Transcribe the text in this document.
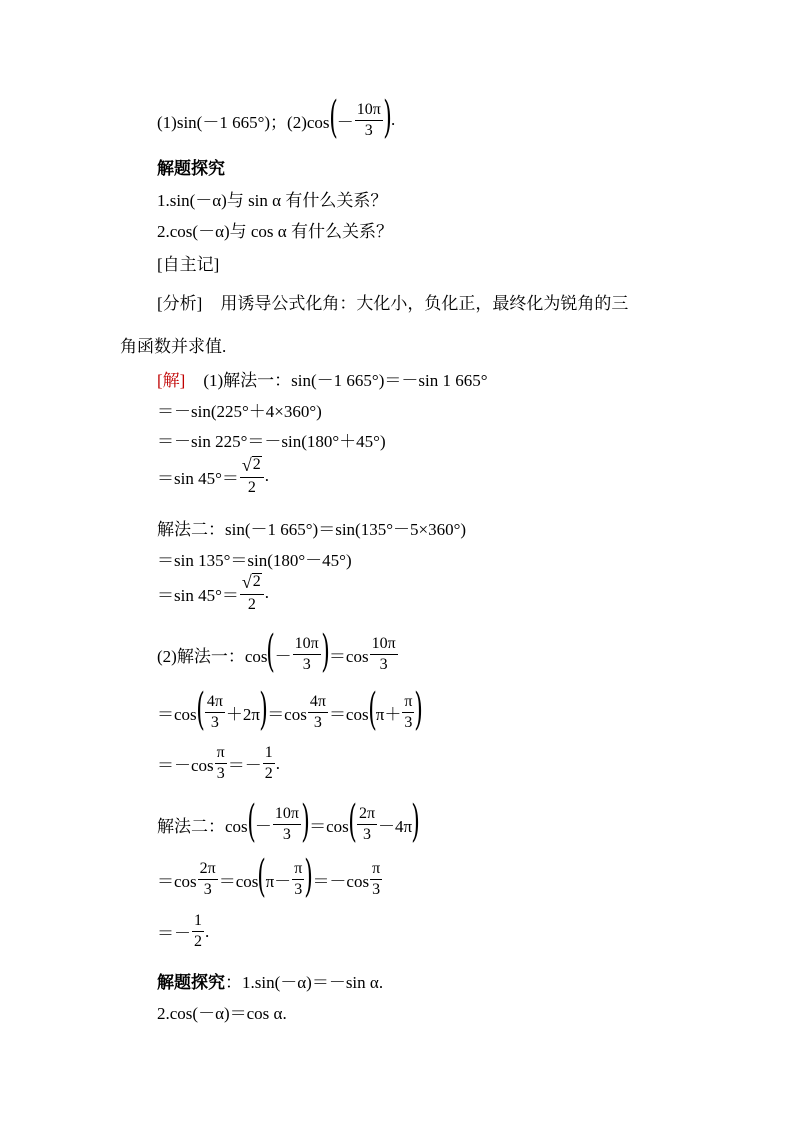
(1)sin(－1 665°)；(2)cos ( － $\frac{10\pi}{3}$ ) .
解题探究
1.sin(－α)与 sin α 有什么关系？
2.cos(－α)与 cos α 有什么关系？
[自主记]
[分析] 用诱导公式化角：大化小，负化正，最终化为锐角的三
角函数并求值.
[解] (1)解法一：sin(－1 665°)＝－sin 1 665°
＝－sin(225°＋4×360°)
＝－sin 225°＝－sin(180°＋45°)
＝sin $45^\circ= \frac{√ 2}{2}$ .
解法二：sin(－1 665°)＝sin(135°－5×360°)
＝sin 135°＝sin(180°－45°)
＝sin $45^\circ= \frac{√ 2}{2}$ .
(2)解法一：cos ( － $\frac{10\pi}{3}$ ) $=\cos \frac{10\pi}{3}$
＝cos ( $\frac{4\pi}{3} +2\pi$ ) $=\cos \frac{4\pi}{3} =\cos$ ( $\pi+ \frac{\pi}{3}$ )
$=-\cos \frac{\pi}{3} =- \frac{1}{2}$ .
解法二：cos ( － $\frac{10\pi}{3}$ ) ＝cos ( $\frac{2\pi}{3} -4\pi$ )
$=\cos \frac{2\pi}{3} =\cos$ ( $\pi- \frac{\pi}{3}$ ) $=-\cos \frac{\pi}{3}$
＝－ $\frac{1}{2}$ .
解题探究 ：1.sin(－α)＝－sin α.
2.cos(－α)＝cos α.
